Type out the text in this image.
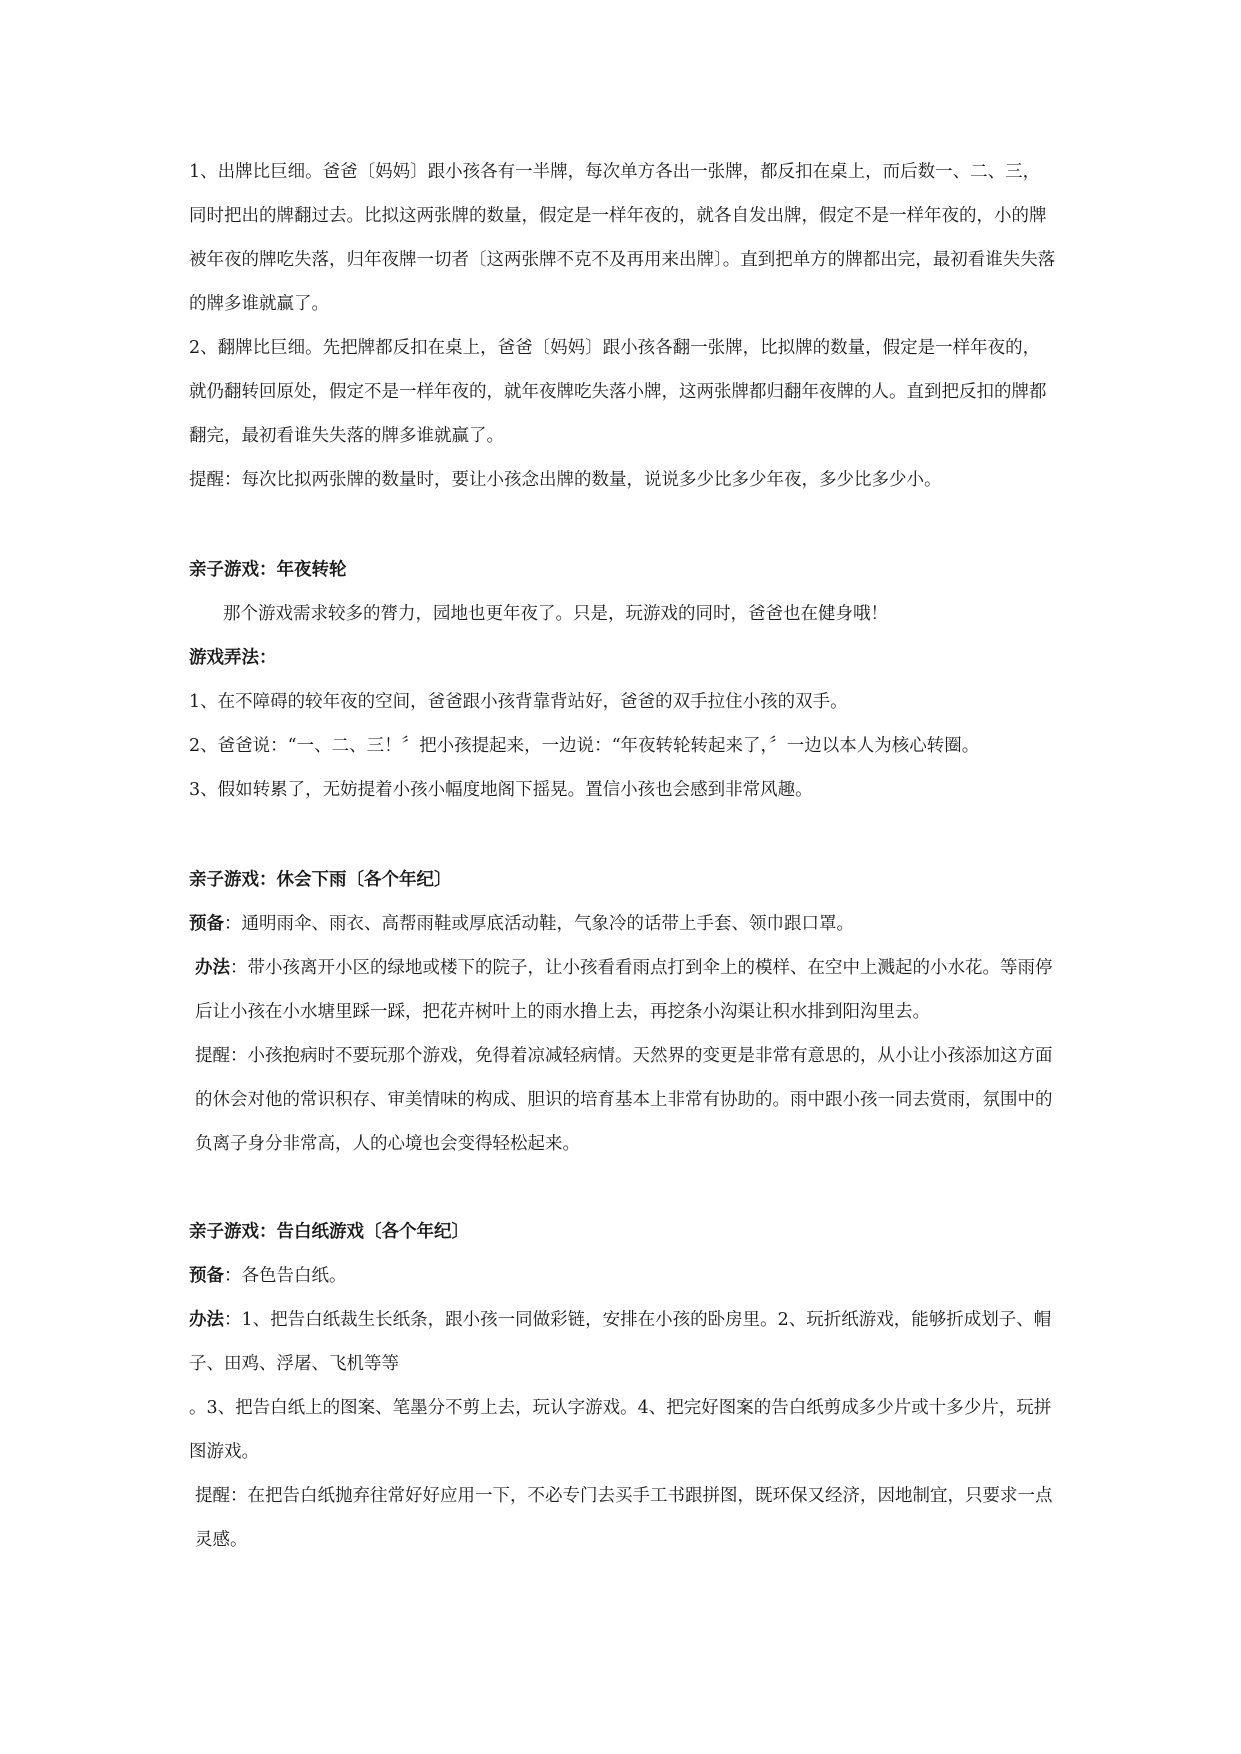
1、出牌比巨细。爸爸〔妈妈〕跟小孩各有一半牌，每次单方各出一张牌，都反扣在桌上，而后数一、二、三，同时把出的牌翻过去。比拟这两张牌的数量，假定是一样年夜的，就各自发出牌，假定不是一样年夜的，小的牌被年夜的牌吃失落，归年夜牌一切者〔这两张牌不克不及再用来出牌〕。直到把单方的牌都出完，最初看谁失失落的牌多谁就赢了。

2、翻牌比巨细。先把牌都反扣在桌上，爸爸〔妈妈〕跟小孩各翻一张牌，比拟牌的数量，假定是一样年夜的，就仍翻转回原处，假定不是一样年夜的，就年夜牌吃失落小牌，这两张牌都归翻年夜牌的人。直到把反扣的牌都翻完，最初看谁失失落的牌多谁就赢了。

提醒：每次比拟两张牌的数量时，要让小孩念出牌的数量，说说多少比多少年夜，多少比多少小。

亲子游戏：年夜转轮

那个游戏需求较多的膂力，园地也更年夜了。只是，玩游戏的同时，爸爸也在健身哦！

游戏弄法：

1、在不障碍的较年夜的空间，爸爸跟小孩背靠背站好，爸爸的双手拉住小孩的双手。

2、爸爸说：“一、二、三！〞把小孩提起来，一边说：“年夜转轮转起来了，〞一边以本人为核心转圈。

3、假如转累了，无妨提着小孩小幅度地阁下摇晃。置信小孩也会感到非常风趣。

亲子游戏：休会下雨〔各个年纪〕

预备：通明雨伞、雨衣、高帮雨鞋或厚底活动鞋，气象冷的话带上手套、领巾跟口罩。

办法：带小孩离开小区的绿地或楼下的院子，让小孩看看雨点打到伞上的模样、在空中上溅起的小水花。等雨停后让小孩在小水塘里踩一踩，把花卉树叶上的雨水撸上去，再挖条小沟渠让积水排到阳沟里去。

提醒：小孩抱病时不要玩那个游戏，免得着凉减轻病情。天然界的变更是非常有意思的，从小让小孩添加这方面的休会对他的常识积存、审美情味的构成、胆识的培育基本上非常有协助的。雨中跟小孩一同去赏雨，氛围中的负离子身分非常高，人的心境也会变得轻松起来。

亲子游戏：告白纸游戏〔各个年纪〕

预备：各色告白纸。

办法：1、把告白纸裁生长纸条，跟小孩一同做彩链，安排在小孩的卧房里。2、玩折纸游戏，能够折成划子、帽子、田鸡、浮屠、飞机等等

。3、把告白纸上的图案、笔墨分不剪上去，玩认字游戏。4、把完好图案的告白纸剪成多少片或十多少片，玩拼图游戏。

提醒：在把告白纸抛弃往常好好应用一下，不必专门去买手工书跟拼图，既环保又经济，因地制宜，只要求一点灵感。
